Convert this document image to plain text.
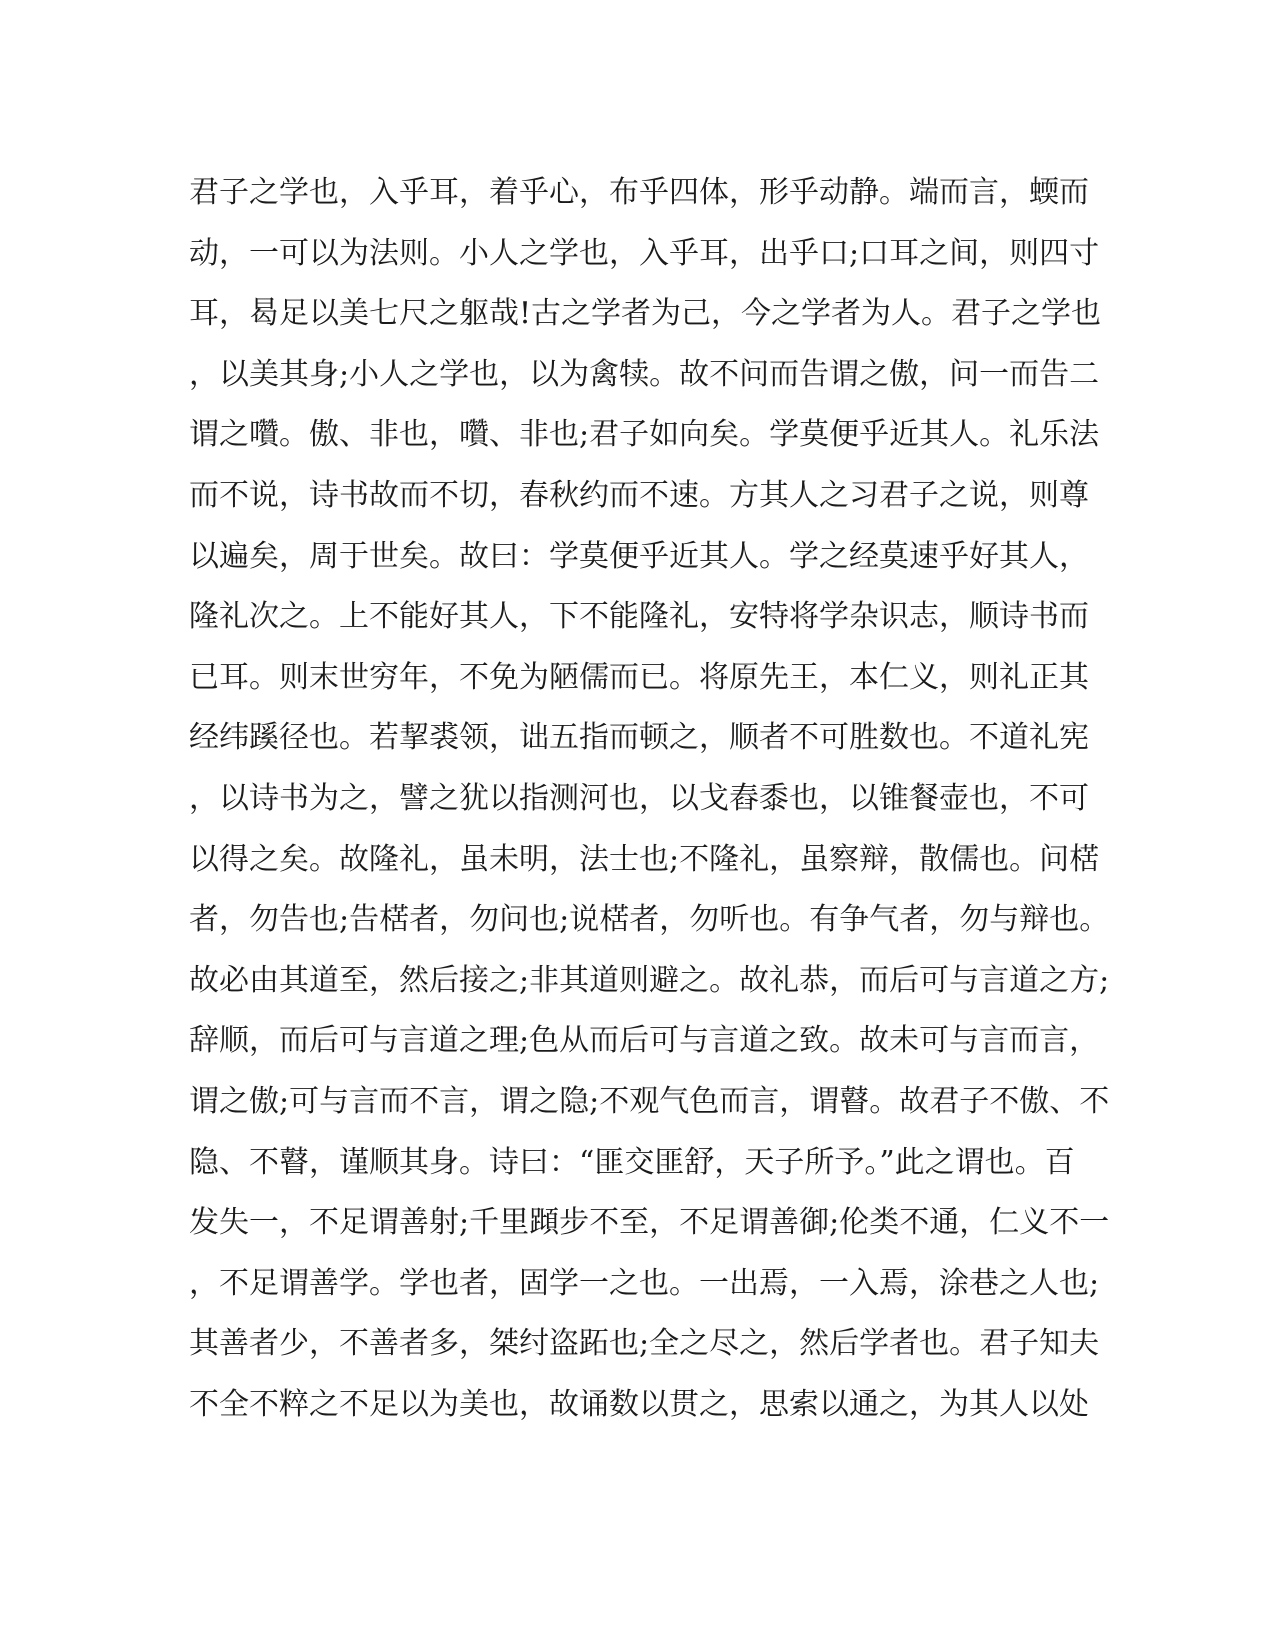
君子之学也，入乎耳，着乎心，布乎四体，形乎动静。端而言，蝡而
动，一可以为法则。小人之学也，入乎耳，出乎口;口耳之间，则四寸
耳，曷足以美七尺之躯哉!古之学者为己，今之学者为人。君子之学也
，以美其身;小人之学也，以为禽犊。故不问而告谓之傲，问一而告二
谓之囋。傲、非也，囋、非也;君子如向矣。学莫便乎近其人。礼乐法
而不说，诗书故而不切，春秋约而不速。方其人之习君子之说，则尊
以遍矣，周于世矣。故曰：学莫便乎近其人。学之经莫速乎好其人，
隆礼次之。上不能好其人，下不能隆礼，安特将学杂识志，顺诗书而
已耳。则末世穷年，不免为陋儒而已。将原先王，本仁义，则礼正其
经纬蹊径也。若挈裘领，诎五指而顿之，顺者不可胜数也。不道礼宪
，以诗书为之，譬之犹以指测河也，以戈舂黍也，以锥餐壶也，不可
以得之矣。故隆礼，虽未明，法士也;不隆礼，虽察辩，散儒也。问楛
者，勿告也;告楛者，勿问也;说楛者，勿听也。有争气者，勿与辩也。
故必由其道至，然后接之;非其道则避之。故礼恭，而后可与言道之方;
辞顺，而后可与言道之理;色从而后可与言道之致。故未可与言而言，
谓之傲;可与言而不言，谓之隐;不观气色而言，谓瞽。故君子不傲、不
隐、不瞽，谨顺其身。诗曰：“匪交匪舒，天子所予。”此之谓也。百
发失一，不足谓善射;千里蹞步不至，不足谓善御;伦类不通，仁义不一
，不足谓善学。学也者，固学一之也。一出焉，一入焉，涂巷之人也;
其善者少，不善者多，桀纣盗跖也;全之尽之，然后学者也。君子知夫
不全不粹之不足以为美也，故诵数以贯之，思索以通之，为其人以处
